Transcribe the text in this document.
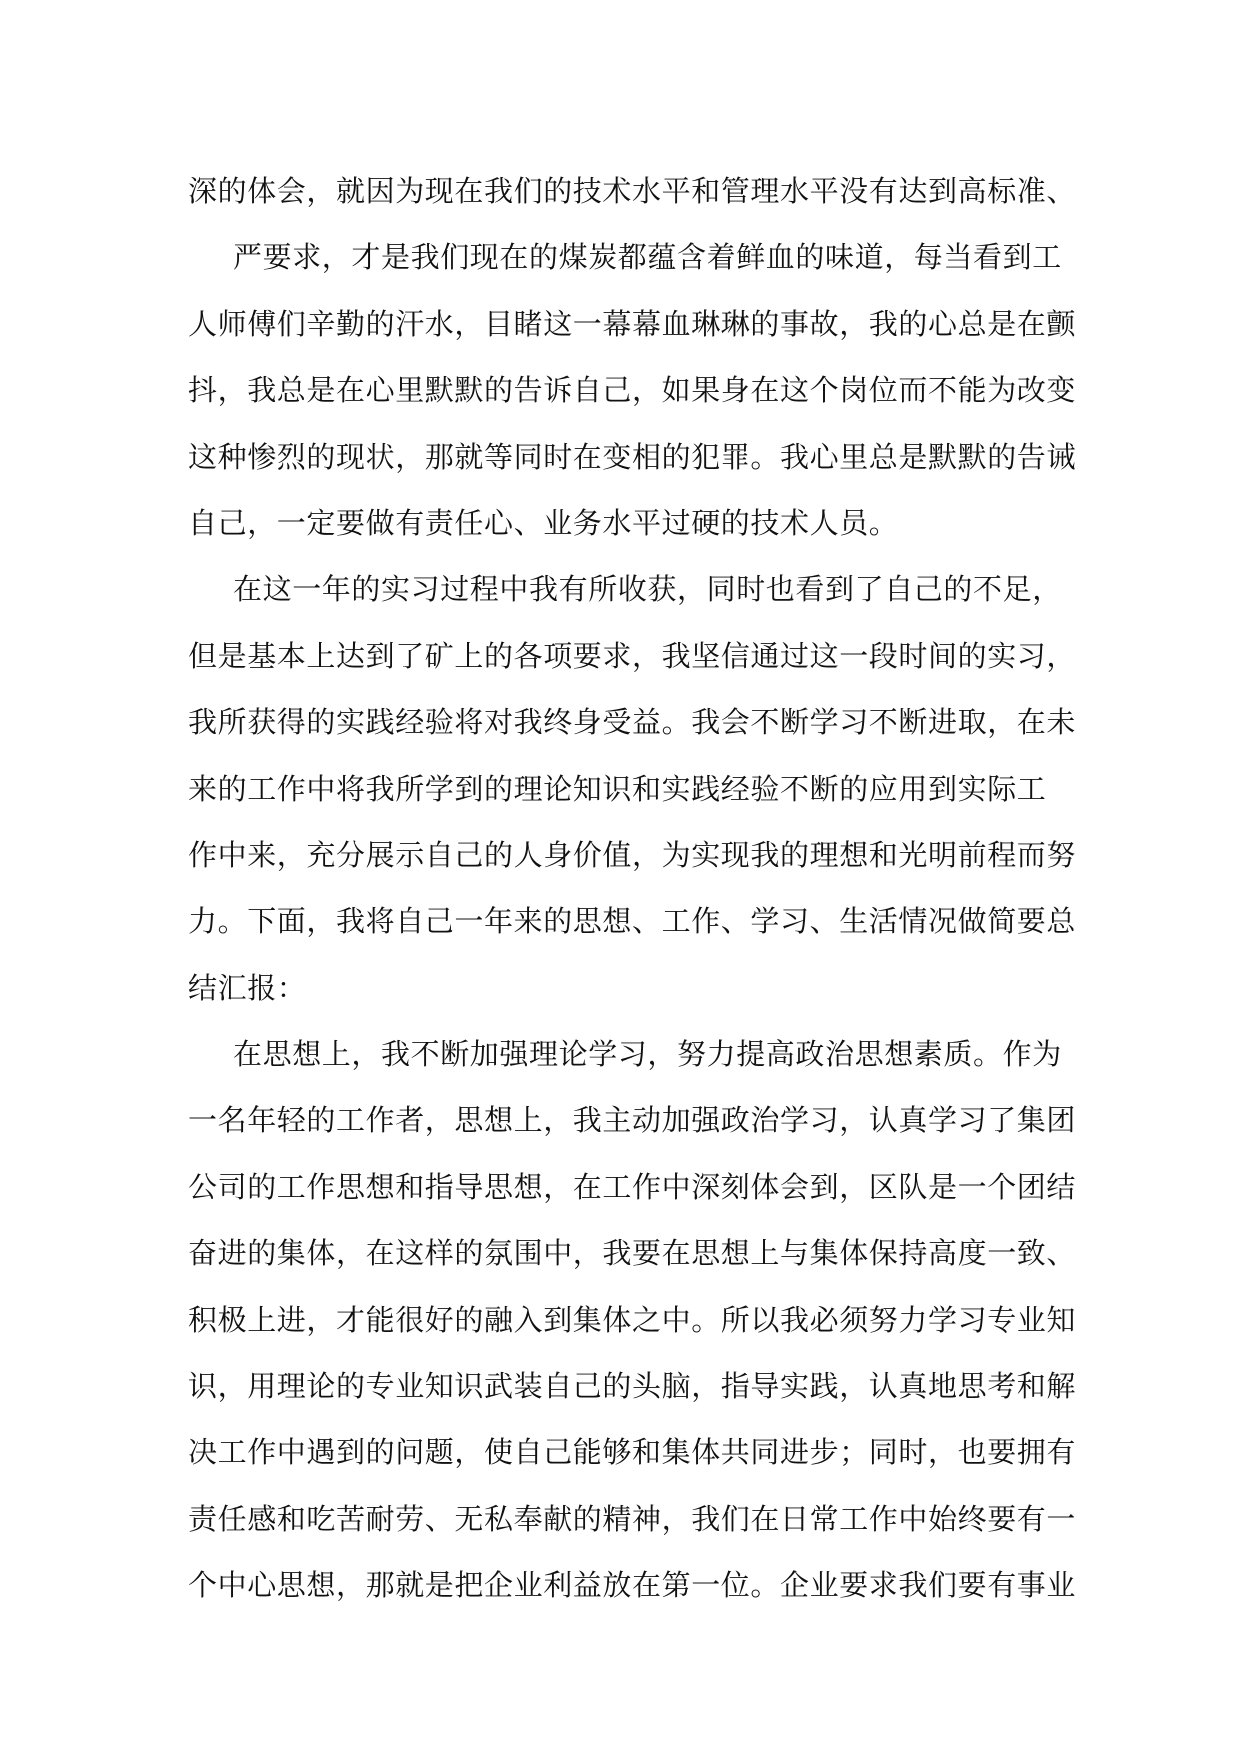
深的体会，就因为现在我们的技术水平和管理水平没有达到高标准、
严要求，才是我们现在的煤炭都蕴含着鲜血的味道，每当看到工
人师傅们辛勤的汗水，目睹这一幕幕血琳琳的事故，我的心总是在颤
抖，我总是在心里默默的告诉自己，如果身在这个岗位而不能为改变
这种惨烈的现状，那就等同时在变相的犯罪。我心里总是默默的告诫
自己，一定要做有责任心、业务水平过硬的技术人员。
在这一年的实习过程中我有所收获，同时也看到了自己的不足，
但是基本上达到了矿上的各项要求，我坚信通过这一段时间的实习，
我所获得的实践经验将对我终身受益。我会不断学习不断进取，在未
来的工作中将我所学到的理论知识和实践经验不断的应用到实际工
作中来，充分展示自己的人身价值，为实现我的理想和光明前程而努
力。下面，我将自己一年来的思想、工作、学习、生活情况做简要总
结汇报：
在思想上，我不断加强理论学习，努力提高政治思想素质。作为
一名年轻的工作者，思想上，我主动加强政治学习，认真学习了集团
公司的工作思想和指导思想，在工作中深刻体会到，区队是一个团结
奋进的集体，在这样的氛围中，我要在思想上与集体保持高度一致、
积极上进，才能很好的融入到集体之中。所以我必须努力学习专业知
识，用理论的专业知识武装自己的头脑，指导实践，认真地思考和解
决工作中遇到的问题，使自己能够和集体共同进步；同时，也要拥有
责任感和吃苦耐劳、无私奉献的精神，我们在日常工作中始终要有一
个中心思想，那就是把企业利益放在第一位。企业要求我们要有事业
